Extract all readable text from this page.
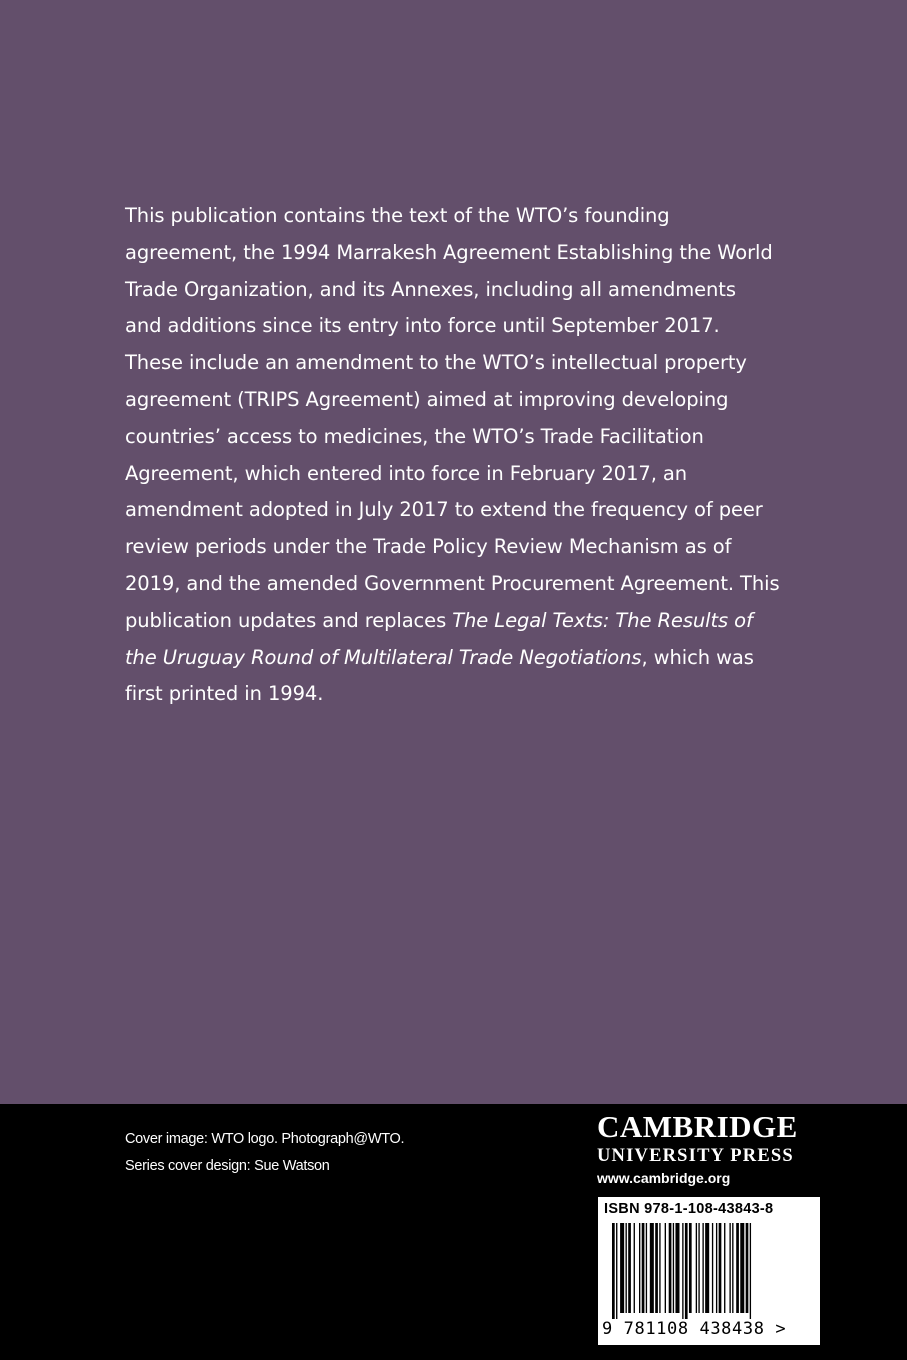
This publication contains the text of the WTO’s founding
agreement, the 1994 Marrakesh Agreement Establishing the World
Trade Organization, and its Annexes, including all amendments
and additions since its entry into force until September 2017.
These include an amendment to the WTO’s intellectual property
agreement (TRIPS Agreement) aimed at improving developing
countries’ access to medicines, the WTO’s Trade Facilitation
Agreement, which entered into force in February 2017, an
amendment adopted in July 2017 to extend the frequency of peer
review periods under the Trade Policy Review Mechanism as of
2019, and the amended Government Procurement Agreement. This
publication updates and replaces The Legal Texts: The Results of
the Uruguay Round of Multilateral Trade Negotiations, which was
first printed in 1994.
Cover image: WTO logo. Photograph@WTO.
Series cover design: Sue Watson
CAMBRIDGE
UNIVERSITY PRESS
www.cambridge.org
ISBN 978-1-108-43843-8
9 781108 438438 >
